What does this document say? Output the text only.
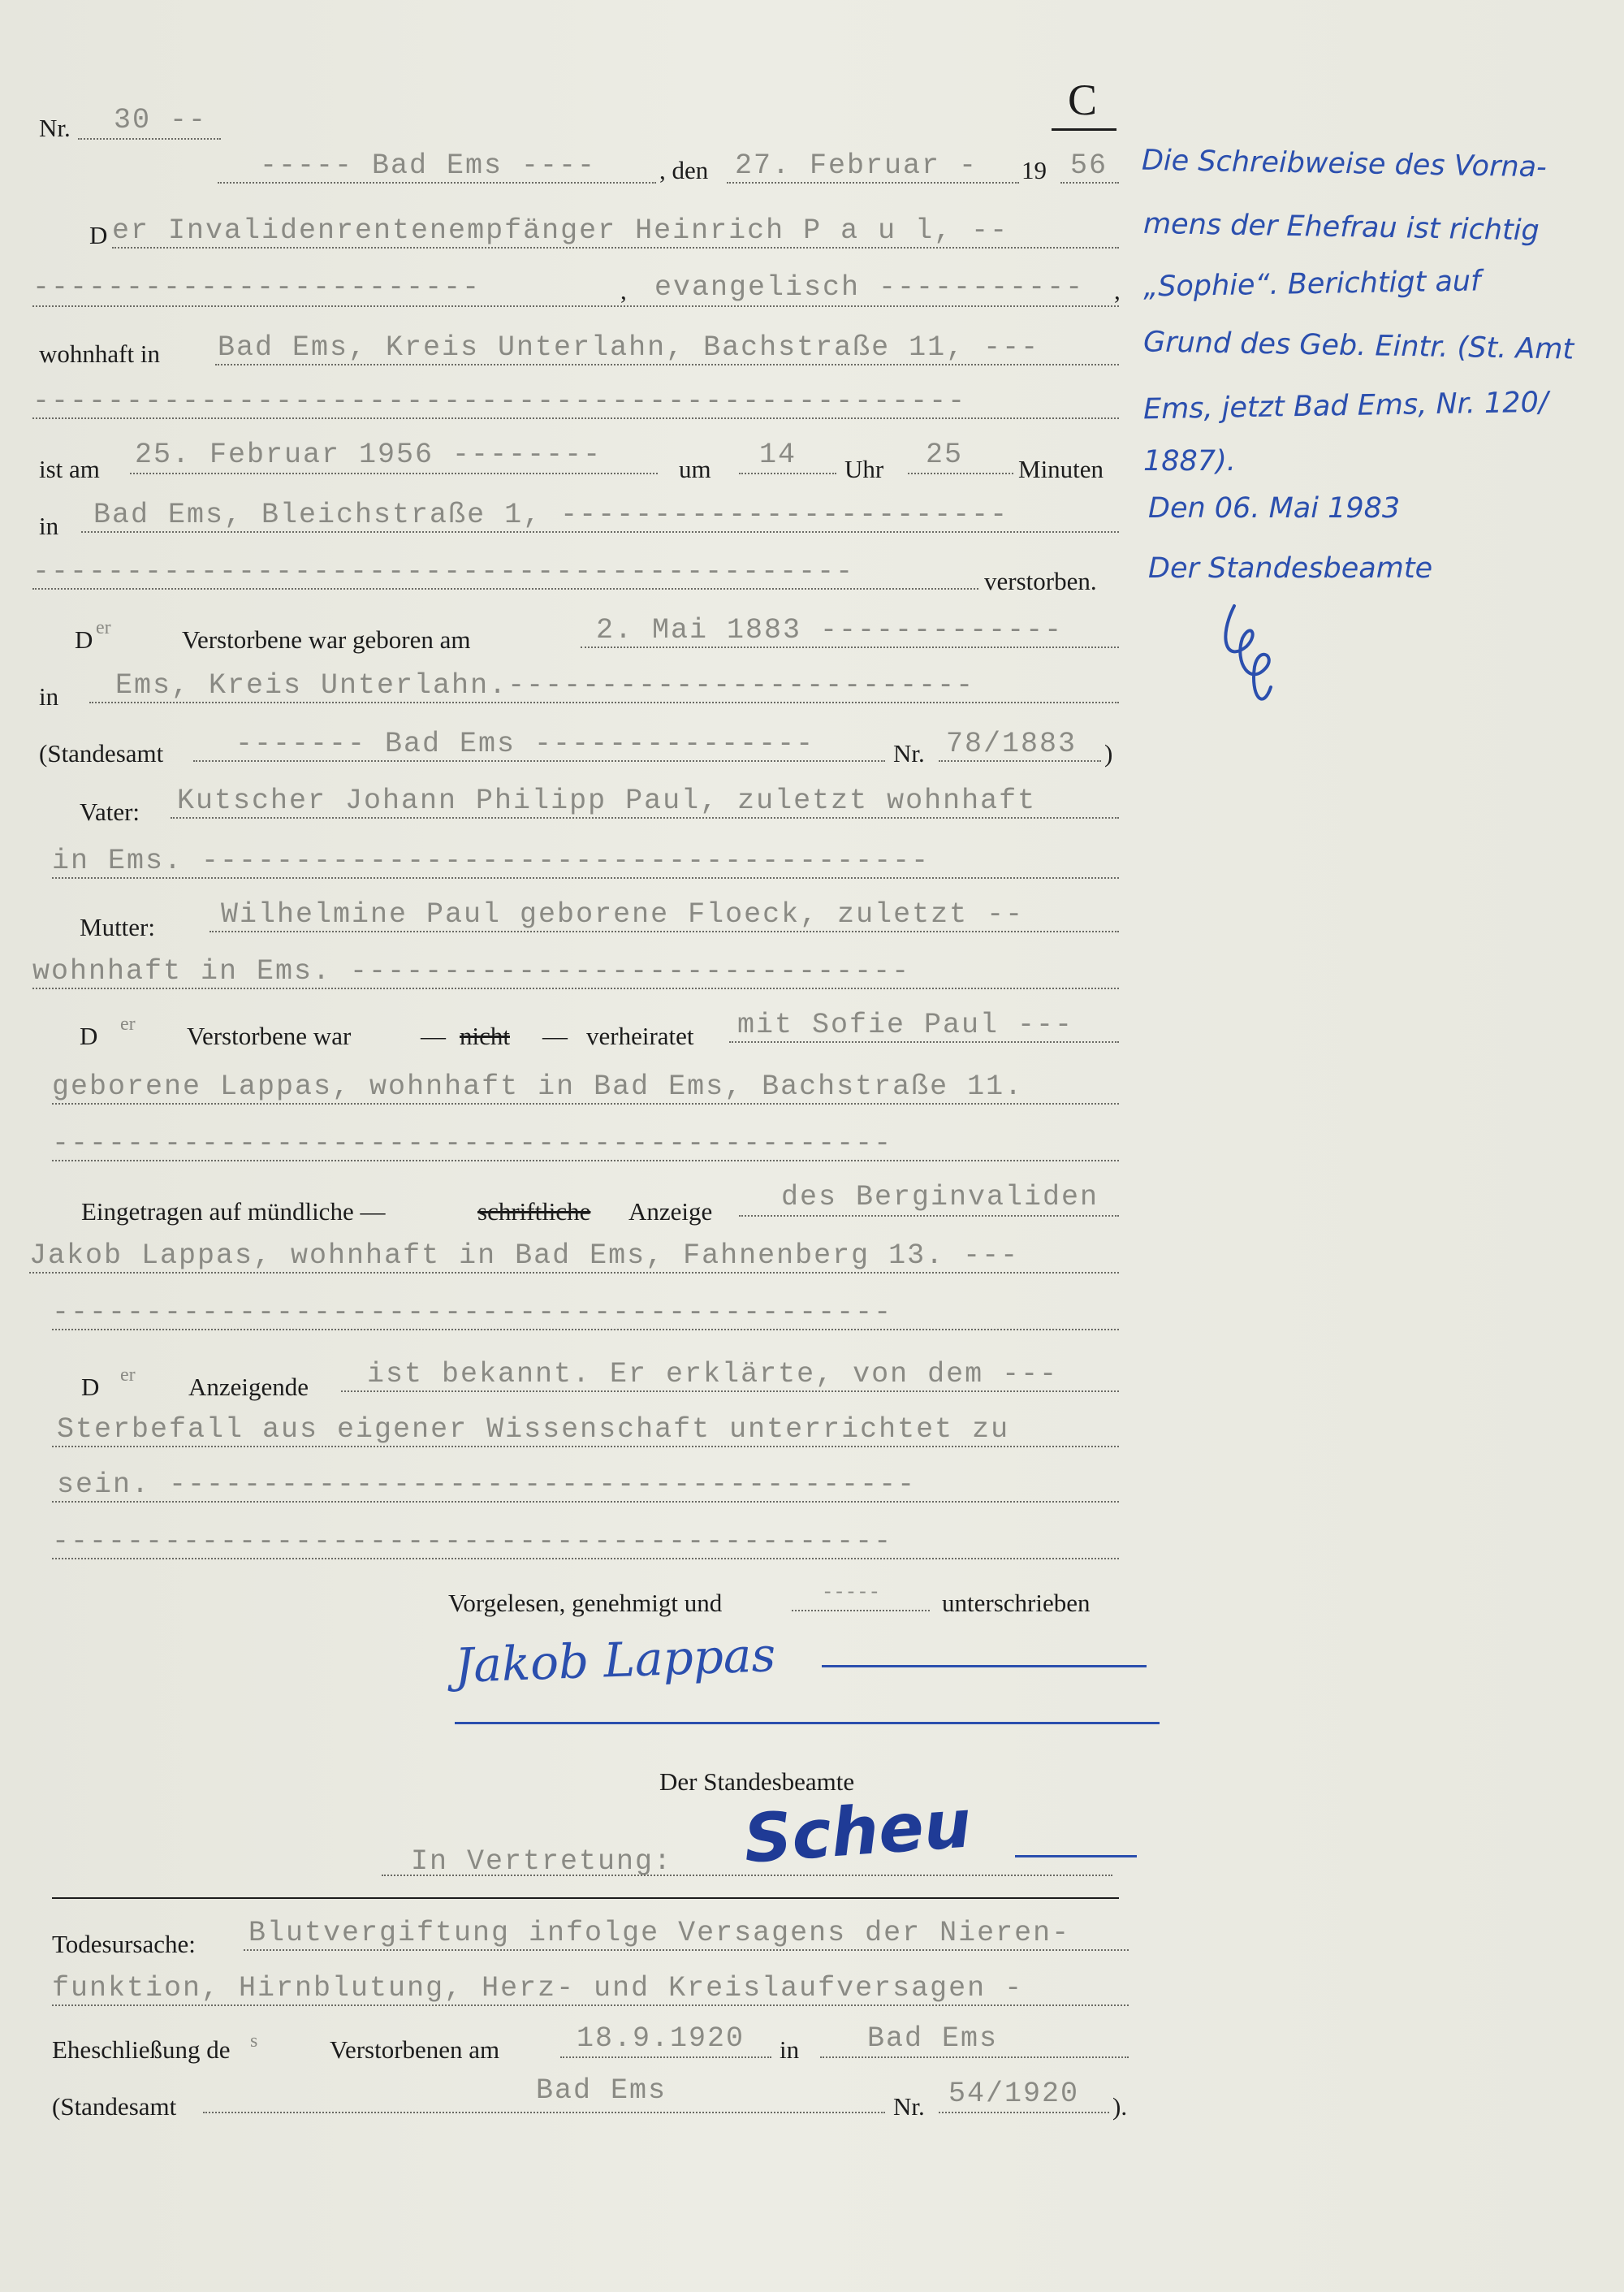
Nr. 30 --	C
----- Bad Ems ----	, den 27. Februar - 19 56
D er Invalidenrentenempfänger Heinrich P a u l, --
------------------------	, evangelisch ----------- ,
wohnhaft in Bad Ems, Kreis Unterlahn, Bachstraße 11, ---
--------------------------------------------------
ist am 25. Februar 1956 --------	um 14 Uhr 25 Minuten
in Bad Ems, Bleichstraße 1, ------------------------
--------------------------------------------	verstorben.
D er	Verstorbene war geboren am	2. Mai 1883 -------------
in Ems, Kreis Unterlahn.-------------------------
(Standesamt	------- Bad Ems ---------------	Nr. 78/1883 )
Vater: Kutscher Johann Philipp Paul, zuletzt wohnhaft
in Ems. ---------------------------------------
Mutter: Wilhelmine Paul geborene Floeck, zuletzt --
wohnhaft in Ems. ------------------------------
D er Verstorbene war	— nicht — verheiratet mit Sofie Paul ---
geborene Lappas, wohnhaft in Bad Ems, Bachstraße 11.
---------------------------------------------
Eingetragen auf mündliche —	schriftliche Anzeige des Berginvaliden
Jakob Lappas, wohnhaft in Bad Ems, Fahnenberg 13. ---
---------------------------------------------
D er Anzeigende ist bekannt. Er erklärte, von dem ---
Sterbefall aus eigener Wissenschaft unterrichtet zu
sein. ----------------------------------------
---------------------------------------------
Vorgelesen, genehmigt und	----- unterschrieben
Jakob Lappas
Der Standesbeamte
In Vertretung: Scheu
Todesursache: Blutvergiftung infolge Versagens der Nieren-
funktion, Hirnblutung, Herz- und Kreislaufversagen -
Eheschließung de s	Verstorbenen am	18.9.1920 in Bad Ems
(Standesamt	Bad Ems	Nr. 54/1920 ).
Die Schreibweise des Vorna-
mens der Ehefrau ist richtig
„Sophie“. Berichtigt auf
Grund des Geb. Eintr. (St. Amt
Ems, jetzt Bad Ems, Nr. 120/
1887).
Den 06. Mai 1983
Der Standesbeamte
